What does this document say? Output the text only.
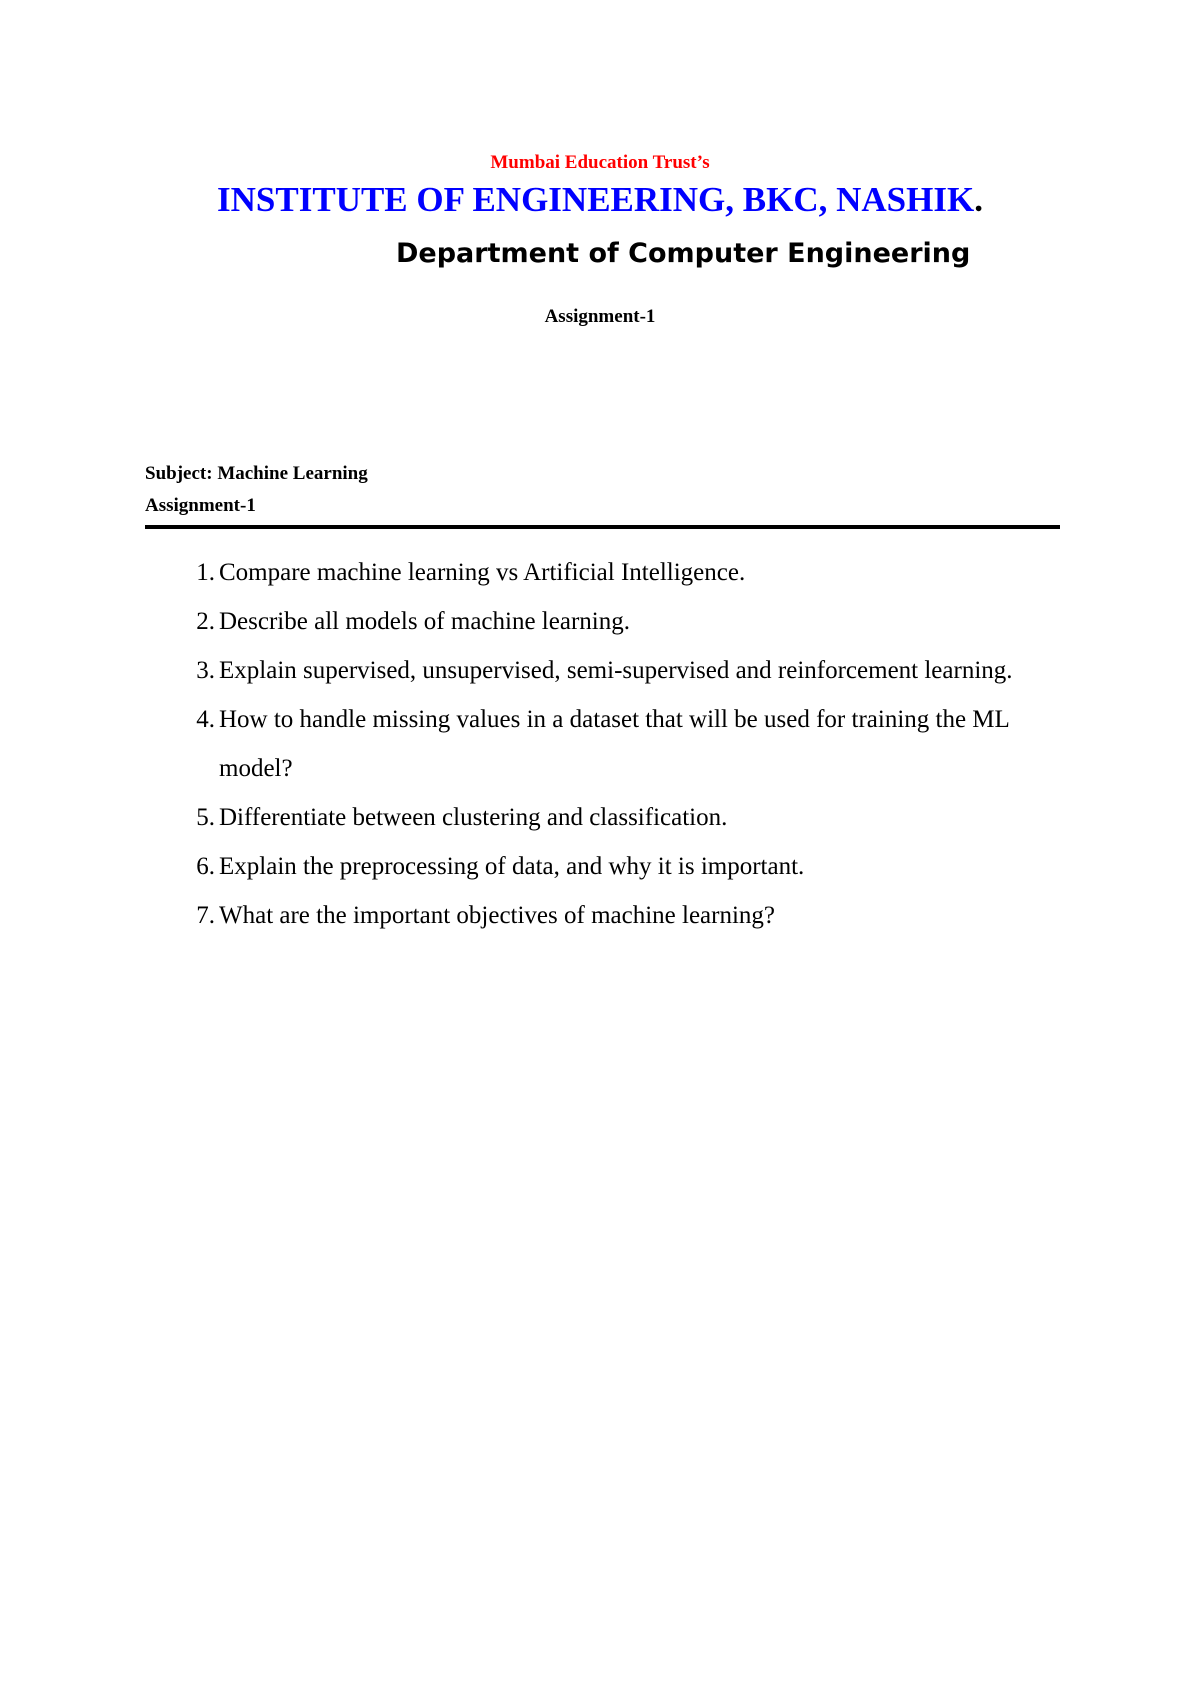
Mumbai Education Trust’s
INSTITUTE OF ENGINEERING, BKC, NASHIK.
Department of Computer Engineering
Assignment-1
Subject: Machine Learning
Assignment-1
1. Compare machine learning vs Artificial Intelligence.
2. Describe all models of machine learning.
3. Explain supervised, unsupervised, semi-supervised and reinforcement learning.
4. How to handle missing values in a dataset that will be used for training the ML model?
5. Differentiate between clustering and classification.
6. Explain the preprocessing of data, and why it is important.
7. What are the important objectives of machine learning?
